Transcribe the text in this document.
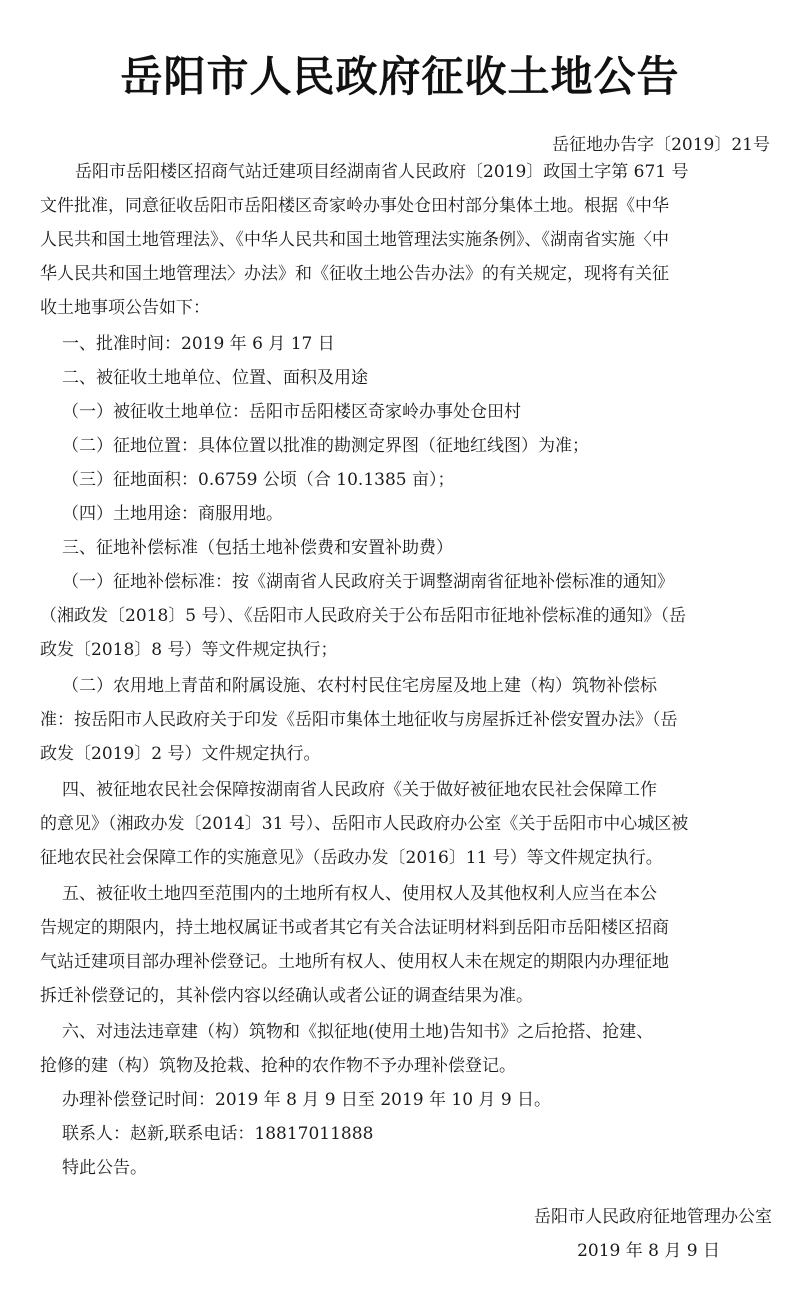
岳阳市人民政府征收土地公告
岳征地办告字〔2019〕21号
岳阳市岳阳楼区招商气站迁建项目经湖南省人民政府〔2019〕政国土字第 671 号
文件批准，同意征收岳阳市岳阳楼区奇家岭办事处仓田村部分集体土地。根据《中华
人民共和国土地管理法》、《中华人民共和国土地管理法实施条例》、《湖南省实施〈中
华人民共和国土地管理法〉办法》和《征收土地公告办法》的有关规定，现将有关征
收土地事项公告如下：
一、批准时间：2019 年 6 月 17 日
二、被征收土地单位、位置、面积及用途
（一）被征收土地单位：岳阳市岳阳楼区奇家岭办事处仓田村
（二）征地位置：具体位置以批准的勘测定界图（征地红线图）为准；
（三）征地面积：0.6759 公顷（合 10.1385 亩）；
（四）土地用途：商服用地。
三、征地补偿标准（包括土地补偿费和安置补助费）
（一）征地补偿标准：按《湖南省人民政府关于调整湖南省征地补偿标准的通知》
（湘政发〔2018〕5 号）、《岳阳市人民政府关于公布岳阳市征地补偿标准的通知》（岳
政发〔2018〕8 号）等文件规定执行；
（二）农用地上青苗和附属设施、农村村民住宅房屋及地上建（构）筑物补偿标
准：按岳阳市人民政府关于印发《岳阳市集体土地征收与房屋拆迁补偿安置办法》（岳
政发〔2019〕2 号）文件规定执行。
四、被征地农民社会保障按湖南省人民政府《关于做好被征地农民社会保障工作
的意见》（湘政办发〔2014〕31 号）、岳阳市人民政府办公室《关于岳阳市中心城区被
征地农民社会保障工作的实施意见》（岳政办发〔2016〕11 号）等文件规定执行。
五、被征收土地四至范围内的土地所有权人、使用权人及其他权利人应当在本公
告规定的期限内，持土地权属证书或者其它有关合法证明材料到岳阳市岳阳楼区招商
气站迁建项目部办理补偿登记。土地所有权人、使用权人未在规定的期限内办理征地
拆迁补偿登记的，其补偿内容以经确认或者公证的调查结果为准。
六、对违法违章建（构）筑物和《拟征地(使用土地)告知书》之后抢搭、抢建、
抢修的建（构）筑物及抢栽、抢种的农作物不予办理补偿登记。
办理补偿登记时间：2019 年 8 月 9 日至 2019 年 10 月 9 日。
联系人：赵新,联系电话：18817011888
特此公告。
岳阳市人民政府征地管理办公室
2019 年 8 月 9 日
